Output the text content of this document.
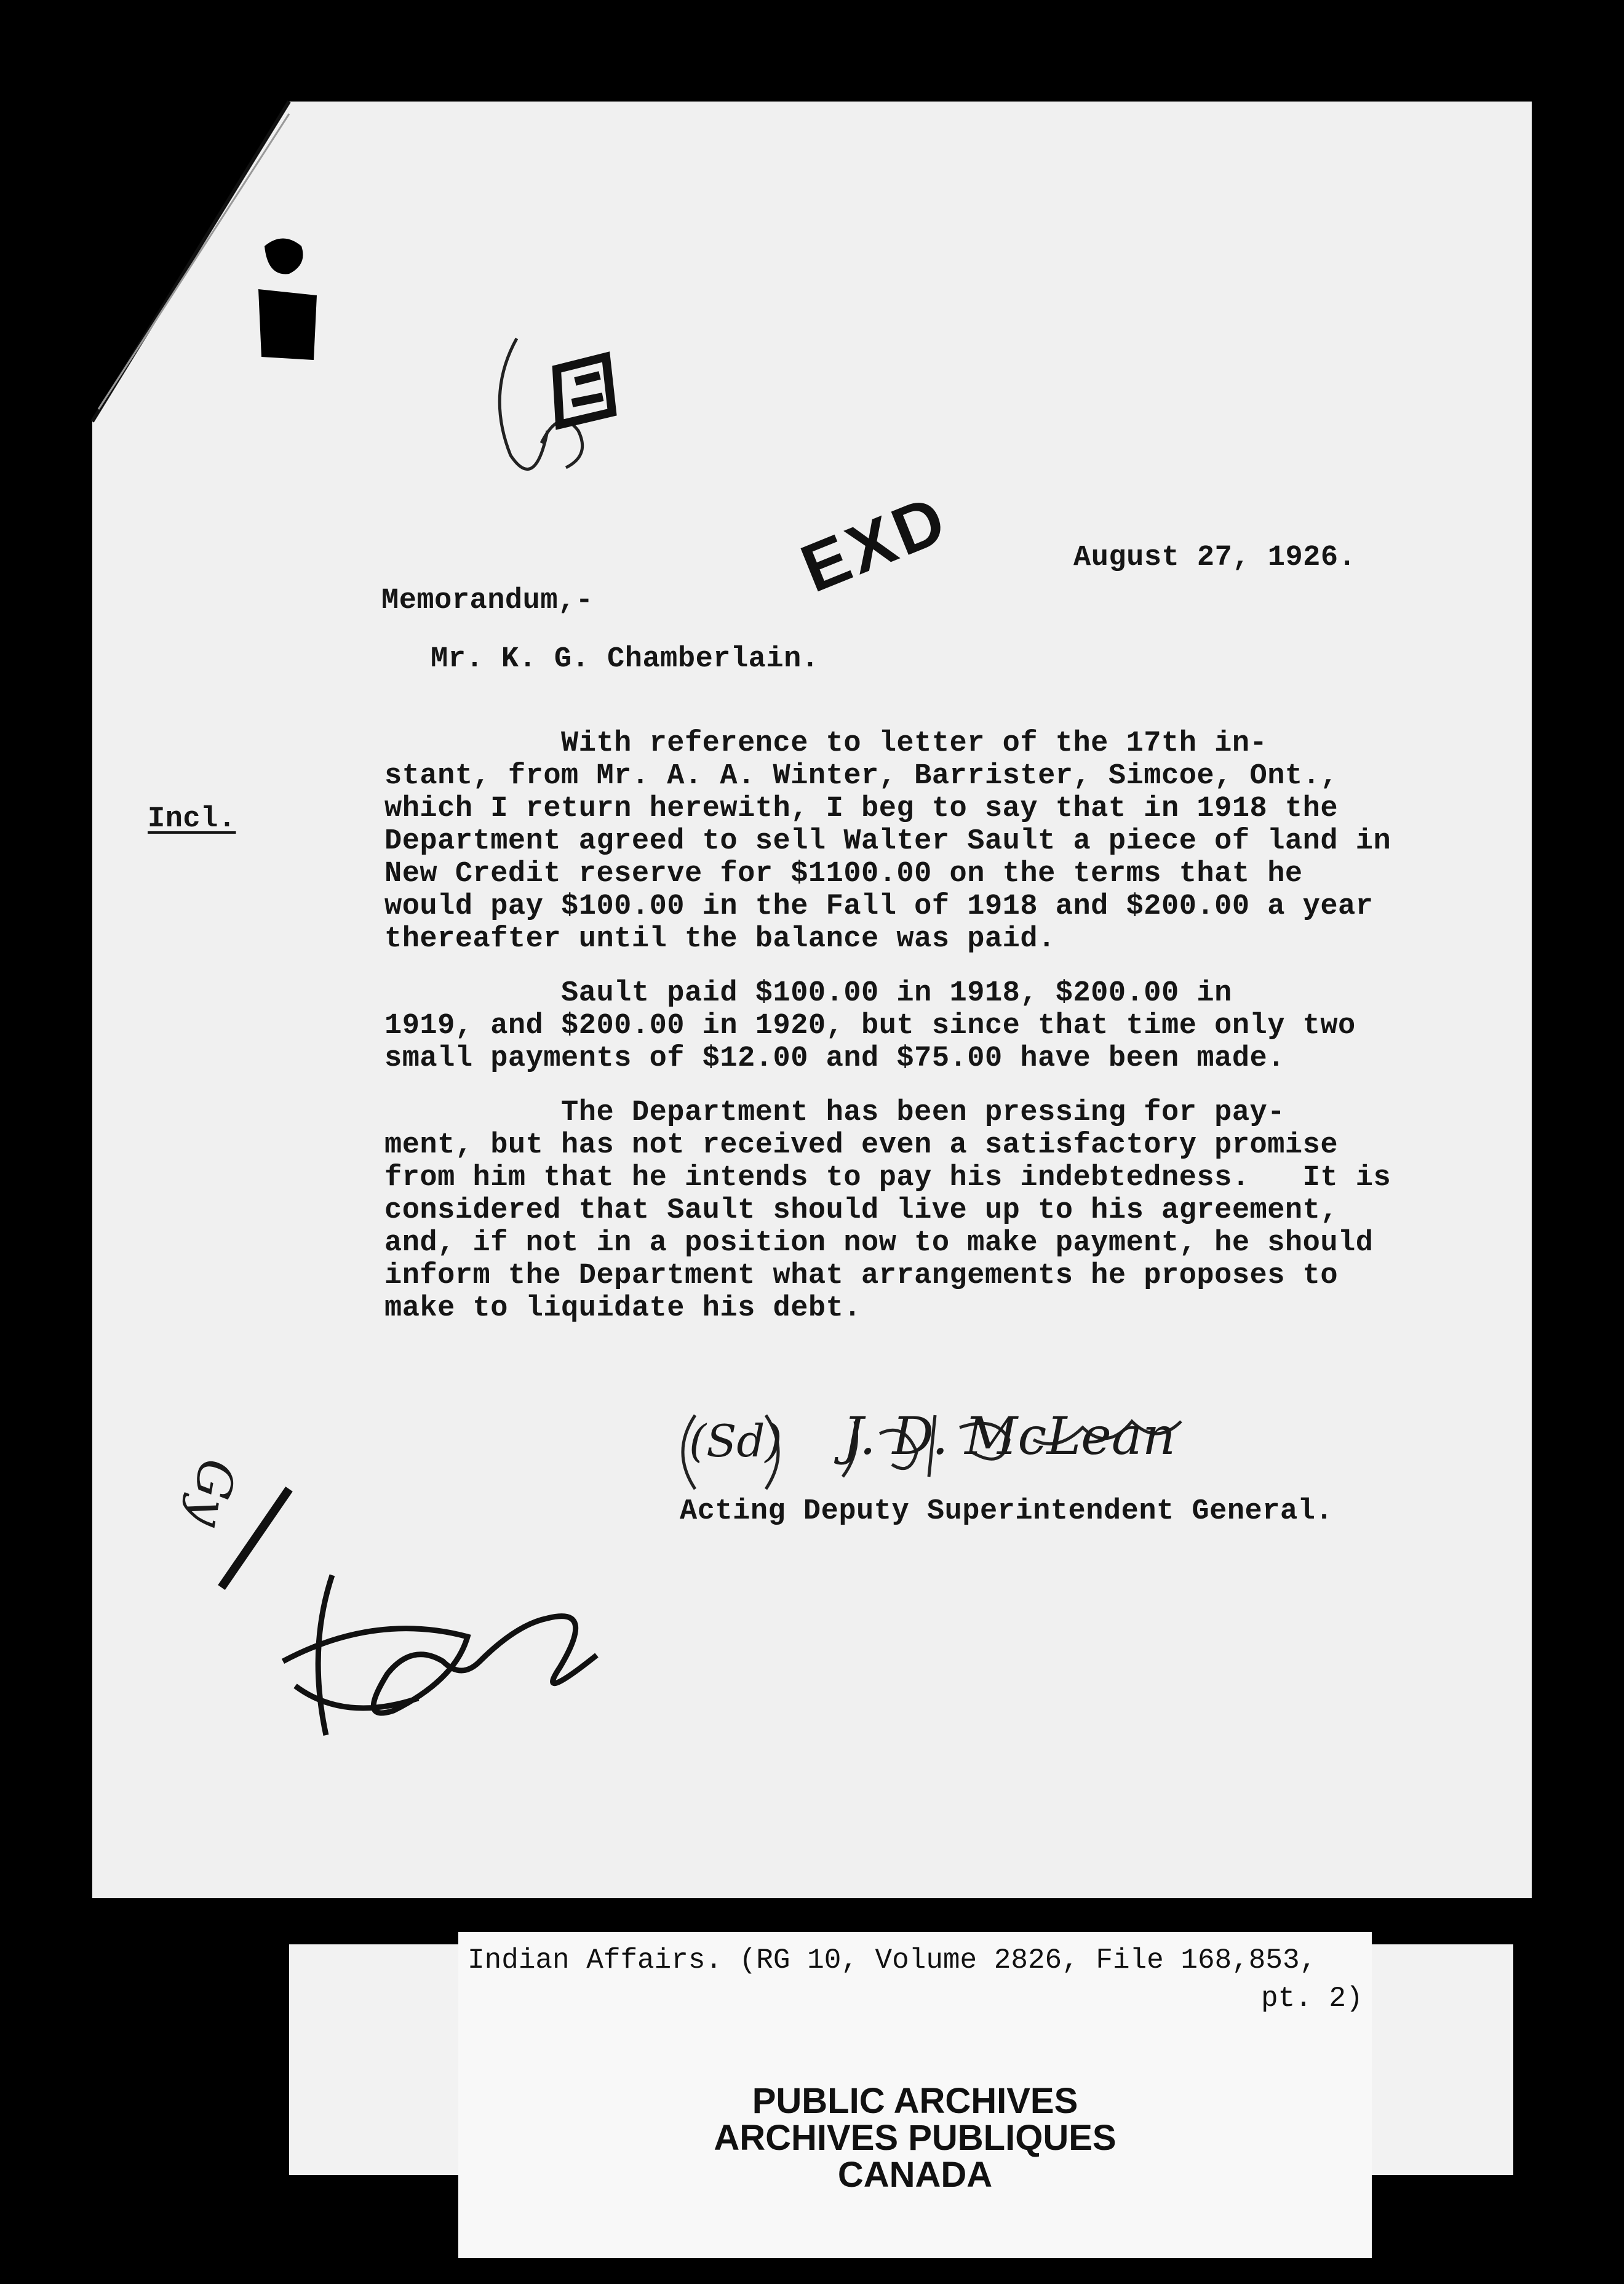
EXD	August 27, 1926.
Memorandum,-
Mr. K. G. Chamberlain.
Incl.
With reference to letter of the 17th in-
stant, from Mr. A. A. Winter, Barrister, Simcoe, Ont.,
which I return herewith, I beg to say that in 1918 the
Department agreed to sell Walter Sault a piece of land in
New Credit reserve for $1100.00 on the terms that he
would pay $100.00 in the Fall of 1918 and $200.00 a year
thereafter until the balance was paid.
Sault paid $100.00 in 1918, $200.00 in
1919, and $200.00 in 1920, but since that time only two
small payments of $12.00 and $75.00 have been made.
The Department has been pressing for pay-
ment, but has not received even a satisfactory promise
from him that he intends to pay his indebtedness.   It is
considered that Sault should live up to his agreement,
and, if not in a position now to make payment, he should
inform the Department what arrangements he proposes to
make to liquidate his debt.
(Sd) J. D. McLean
Acting Deputy Superintendent General.
Gy
Indian Affairs. (RG 10, Volume 2826, File 168,853,
pt. 2)
PUBLIC ARCHIVES
ARCHIVES PUBLIQUES
CANADA
